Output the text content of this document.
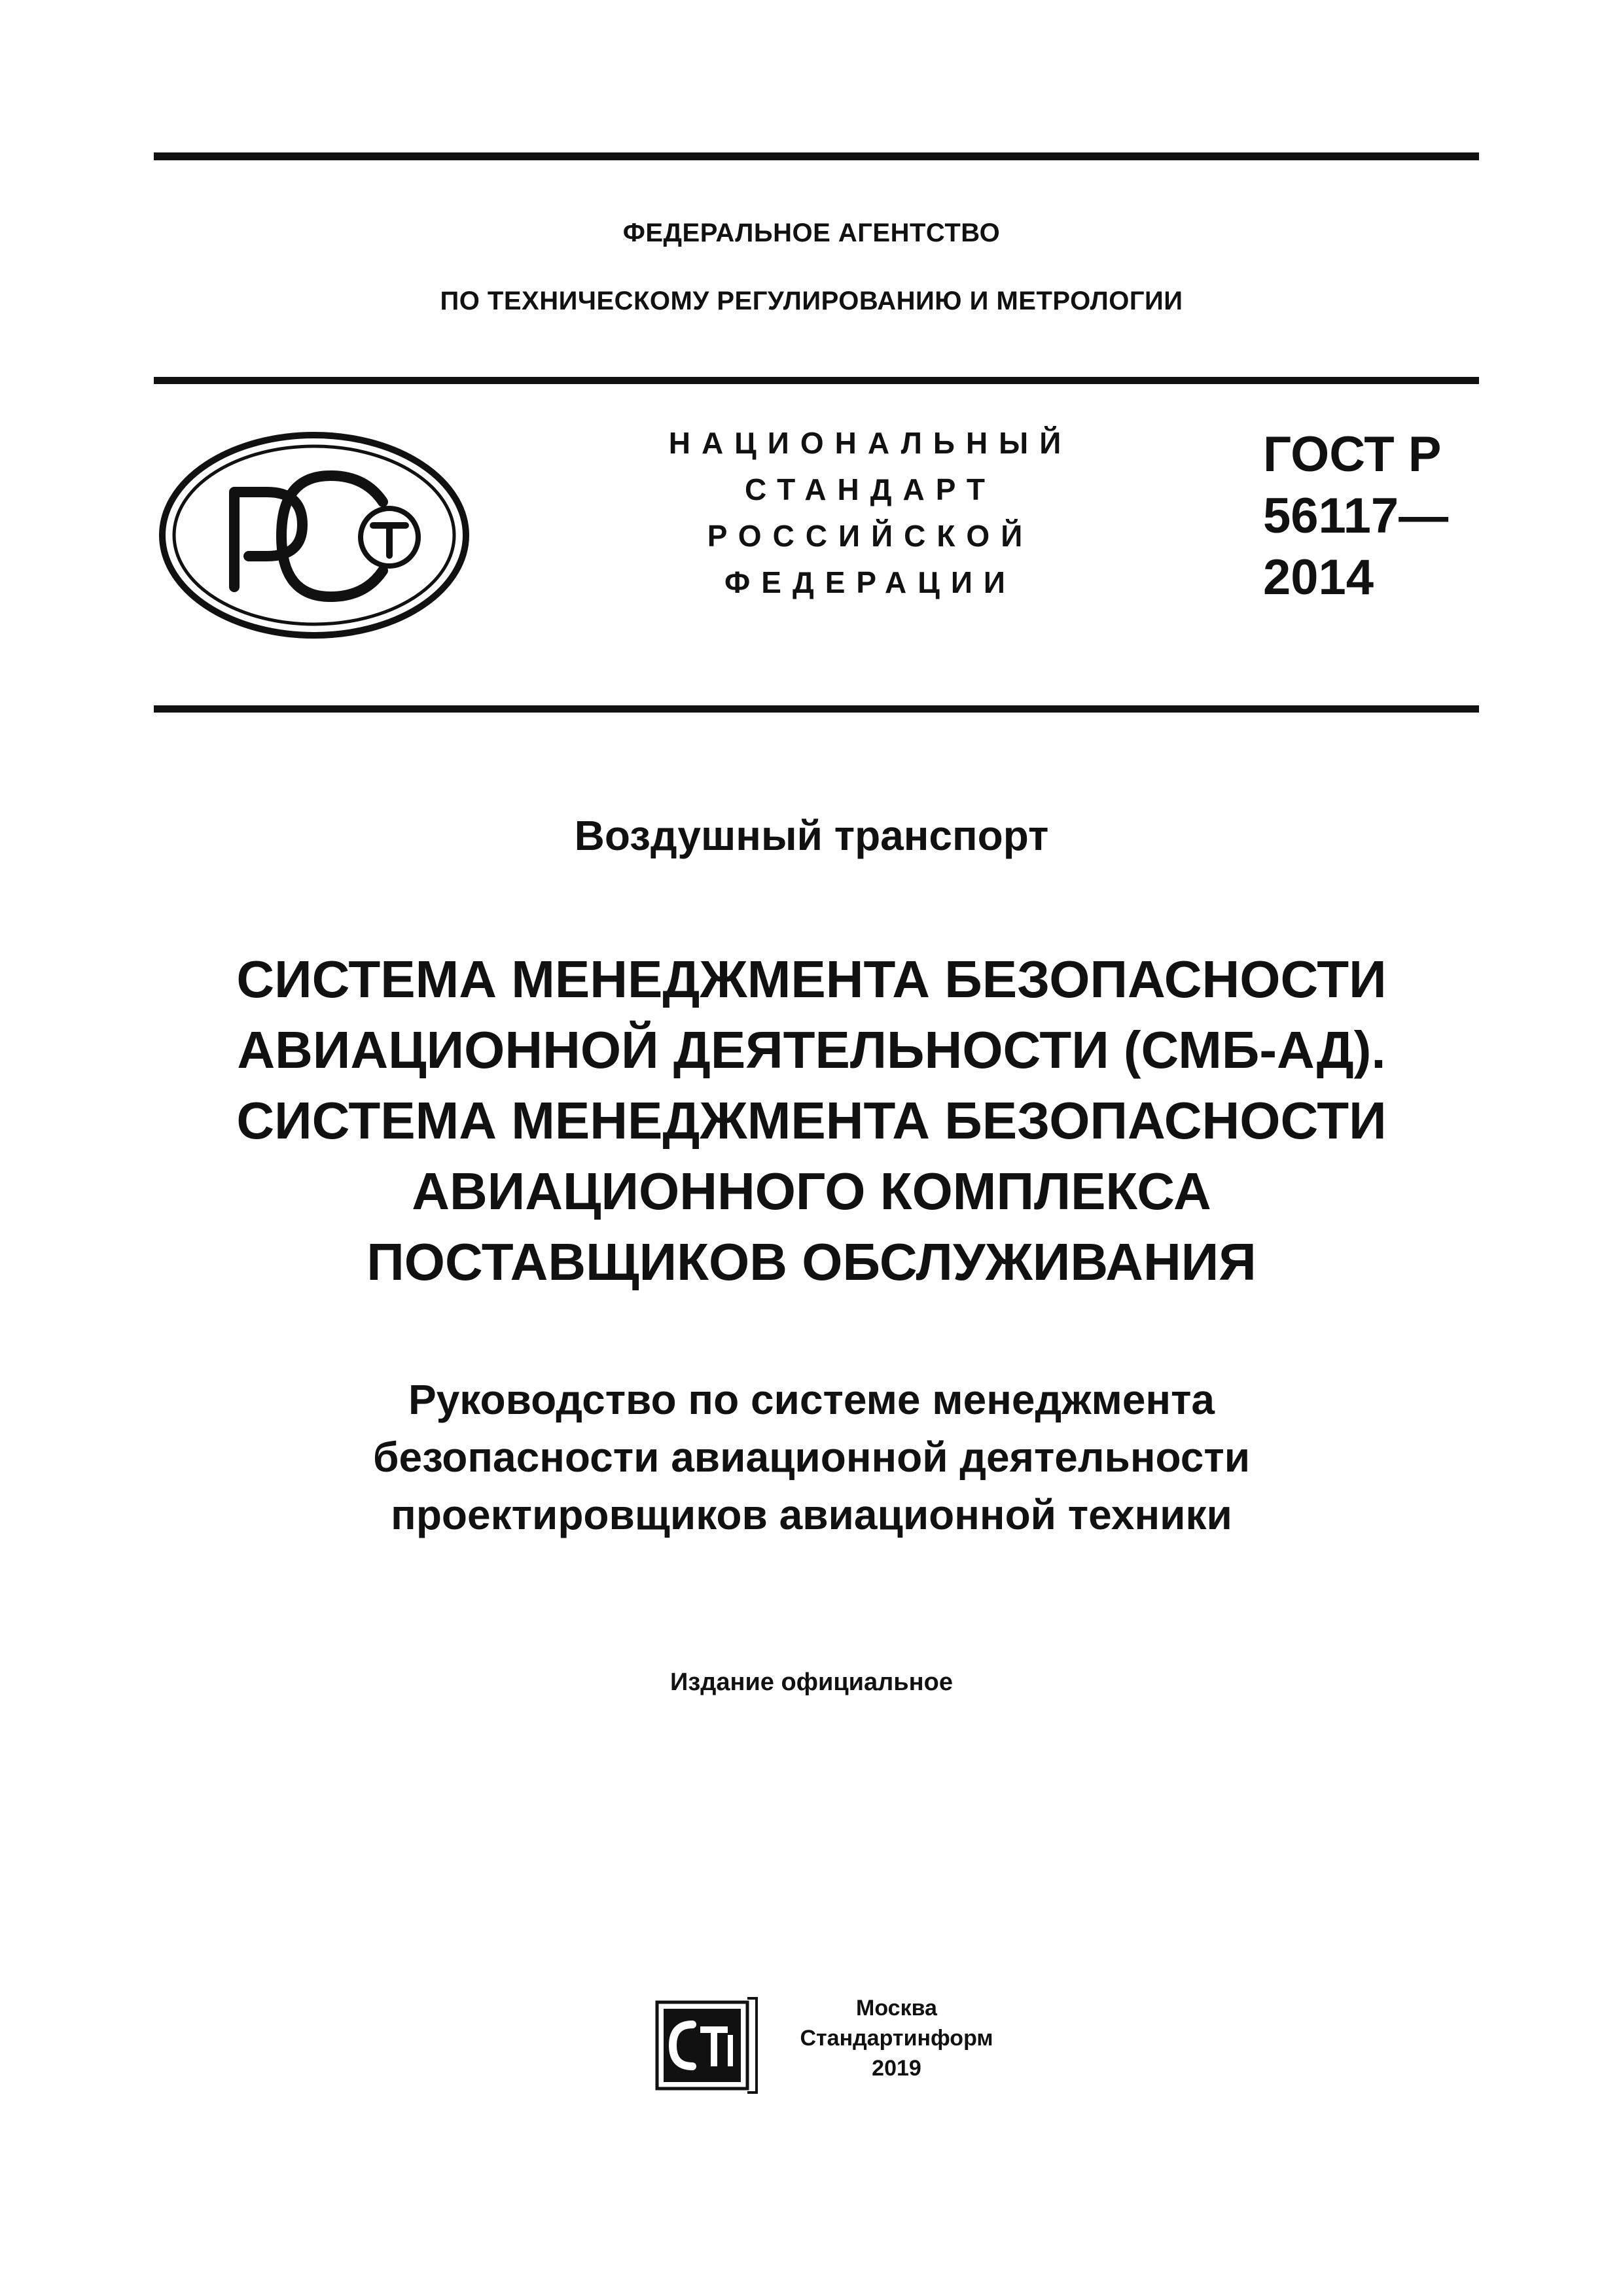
ФЕДЕРАЛЬНОЕ АГЕНТСТВО
ПО ТЕХНИЧЕСКОМУ РЕГУЛИРОВАНИЮ И МЕТРОЛОГИИ
НАЦИОНАЛЬНЫЙ
СТАНДАРТ
РОССИЙСКОЙ
ФЕДЕРАЦИИ
ГОСТ Р
56117—
2014
Воздушный транспорт
СИСТЕМА МЕНЕДЖМЕНТА БЕЗОПАСНОСТИ
АВИАЦИОННОЙ ДЕЯТЕЛЬНОСТИ (СМБ-АД).
СИСТЕМА МЕНЕДЖМЕНТА БЕЗОПАСНОСТИ
АВИАЦИОННОГО КОМПЛЕКСА
ПОСТАВЩИКОВ ОБСЛУЖИВАНИЯ
Руководство по системе менеджмента
безопасности авиационной деятельности
проектировщиков авиационной техники
Издание официальное
Москва
Стандартинформ
2019
